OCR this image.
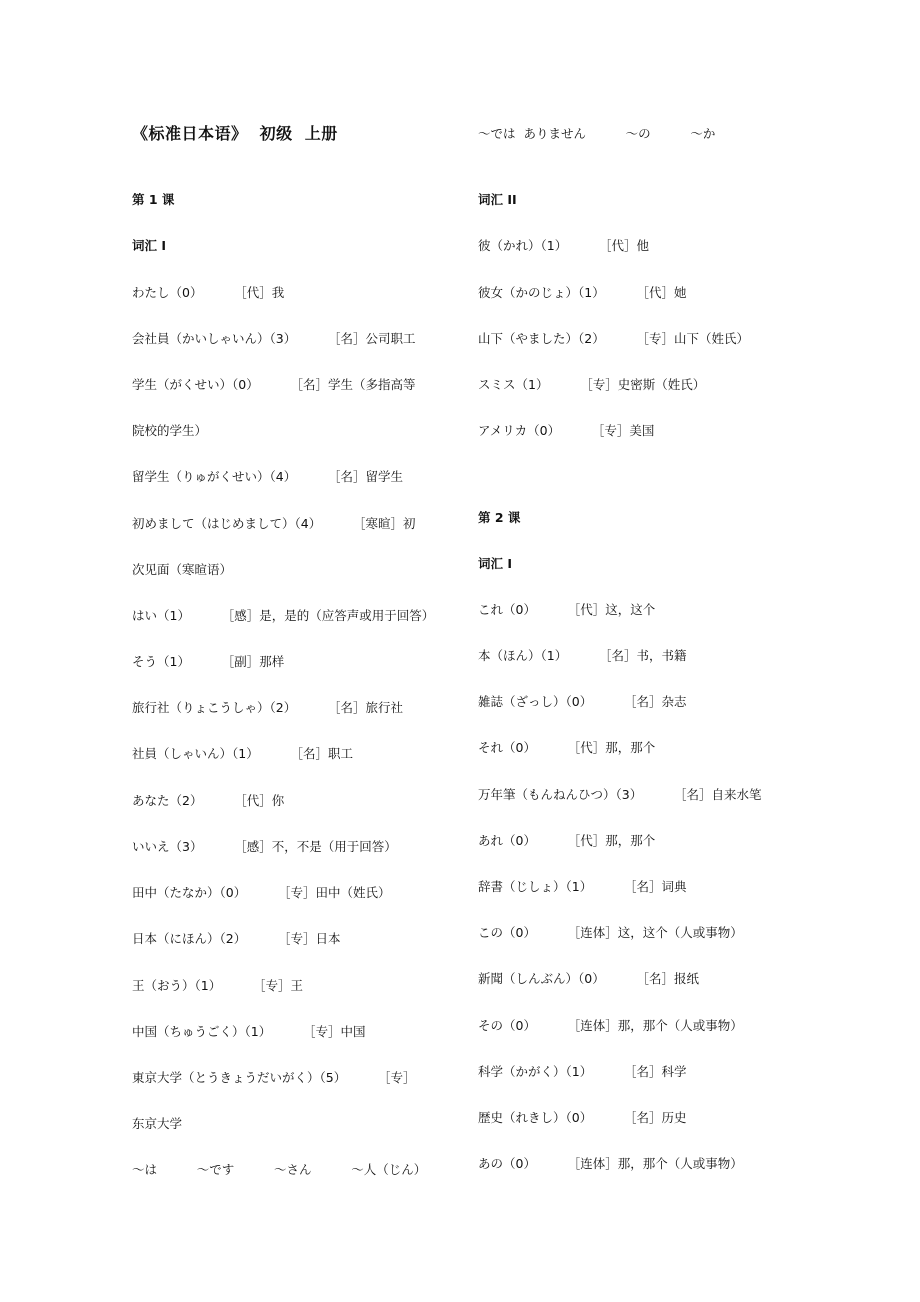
《标准日本语》  初级  上册
第 1 课
词汇 I
わたし（0）        ［代］我
会社員（かいしゃいん）（3）        ［名］公司职工
学生（がくせい）（0）        ［名］学生（多指高等
院校的学生）
留学生（りゅがくせい）（4）        ［名］留学生
初めまして（はじめまして）（4）        ［寒暄］初
次见面（寒暄语）
はい（1）        ［感］是，是的（应答声或用于回答）
そう（1）        ［副］那样
旅行社（りょこうしゃ）（2）        ［名］旅行社
社員（しゃいん）（1）        ［名］职工
あなた（2）        ［代］你
いいえ（3）        ［感］不，不是（用于回答）
田中（たなか）（0）        ［专］田中（姓氏）
日本（にほん）（2）        ［专］日本
王（おう）（1）        ［专］王
中国（ちゅうごく）（1）        ［专］中国
東京大学（とうきょうだいがく）（5）        ［专］
东京大学
～は          ～です          ～さん          ～人（じん）
～では  ありません          ～の          ～か
词汇 II
彼（かれ）（1）        ［代］他
彼女（かのじょ）（1）        ［代］她
山下（やました）（2）        ［专］山下（姓氏）
スミス（1）        ［专］史密斯（姓氏）
アメリカ（0）        ［专］美国
第 2 课
词汇 I
これ（0）        ［代］这，这个
本（ほん）（1）        ［名］书，书籍
雑誌（ざっし）（0）        ［名］杂志
それ（0）        ［代］那，那个
万年筆（もんねんひつ）（3）        ［名］自来水笔
あれ（0）        ［代］那，那个
辞書（じしょ）（1）        ［名］词典
この（0）        ［连体］这，这个（人或事物）
新聞（しんぶん）（0）        ［名］报纸
その（0）        ［连体］那，那个（人或事物）
科学（かがく）（1）        ［名］科学
歴史（れきし）（0）        ［名］历史
あの（0）        ［连体］那，那个（人或事物）
